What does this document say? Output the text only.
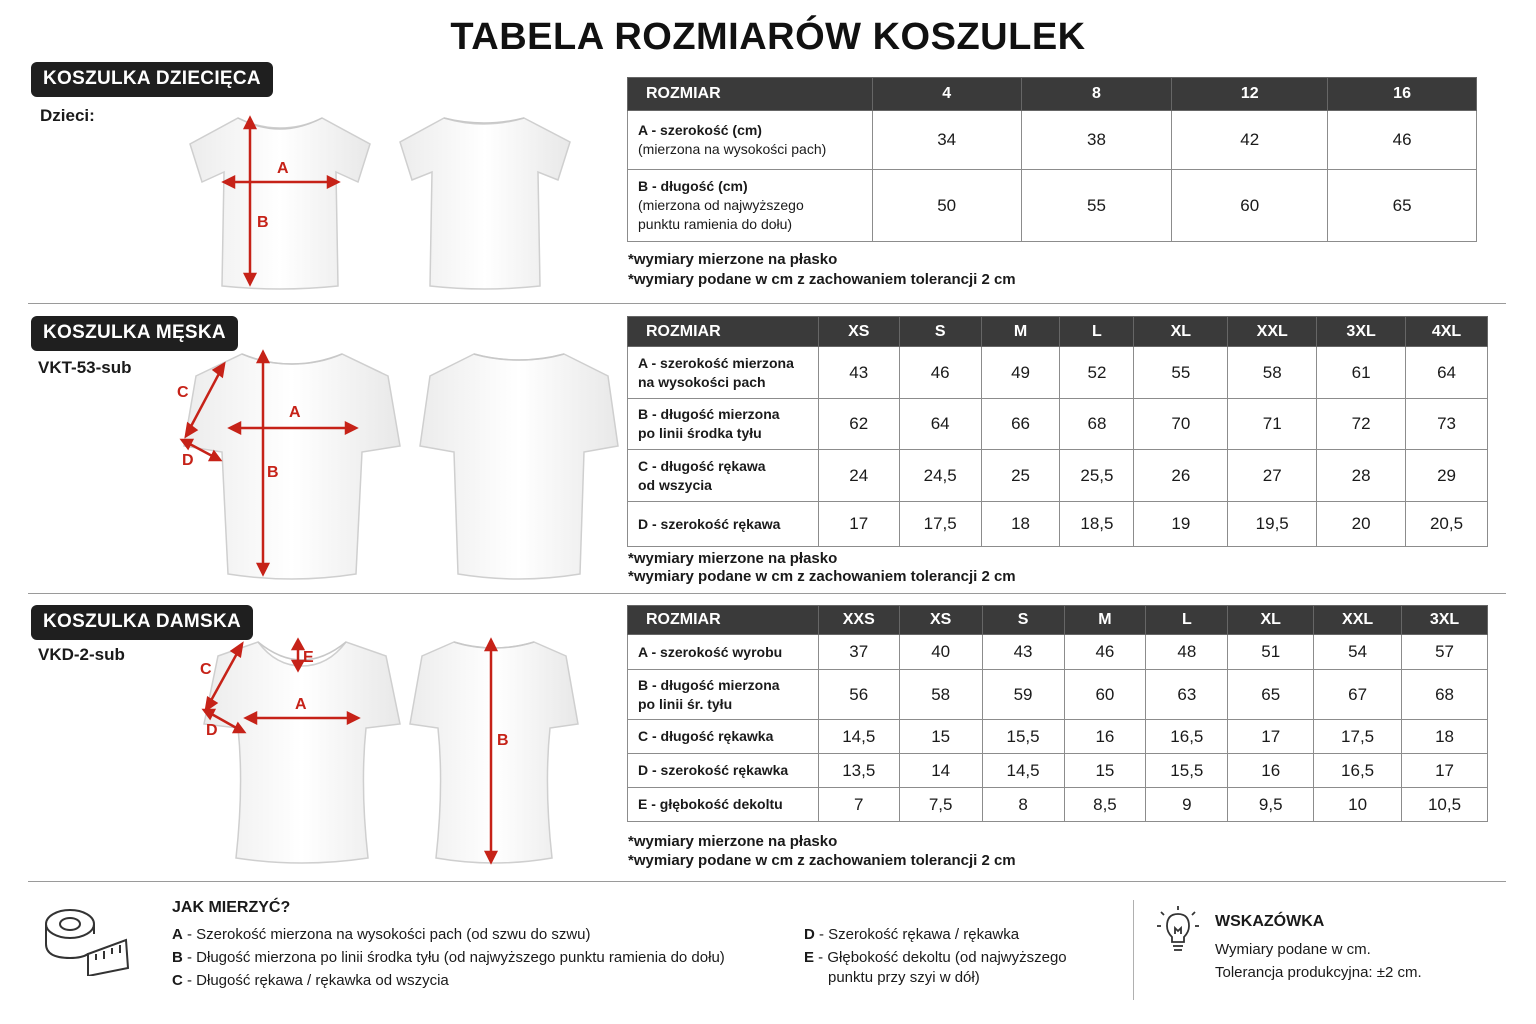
TABELA ROZMIARÓW KOSZULEK
KOSZULKA DZIECIĘCA
Dzieci:
A
B
ROZMIAR	4	8	12	16

A - szerokość (cm)
(mierzona na wysokości pach)	34	38	42	46

B - długość (cm)
(mierzona od najwyższego
punktu ramienia do dołu)	50	55	60	65
*wymiary mierzone na płasko
*wymiary podane w cm z zachowaniem tolerancji 2 cm
KOSZULKA MĘSKA
VKT-53-sub
A
B
C
D
ROZMIAR	XS	S	M	L	XL	XXL	3XL	4XL

A - szerokość mierzona
na wysokości pach	43	46	49	52	55	58	61	64

B - długość mierzona
po linii środka tyłu	62	64	66	68	70	71	72	73

C - długość rękawa
od wszycia	24	24,5	25	25,5	26	27	28	29

D - szerokość rękawa	17	17,5	18	18,5	19	19,5	20	20,5
*wymiary mierzone na płasko
*wymiary podane w cm z zachowaniem tolerancji 2 cm
KOSZULKA DAMSKA
VKD-2-sub
A
E
C
D
B
ROZMIAR	XXS	XS	S	M	L	XL	XXL	3XL

A - szerokość wyrobu	37	40	43	46	48	51	54	57

B - długość mierzona
po linii śr. tyłu	56	58	59	60	63	65	67	68

C - długość rękawka	14,5	15	15,5	16	16,5	17	17,5	18

D - szerokość rękawka	13,5	14	14,5	15	15,5	16	16,5	17

E - głębokość dekoltu	7	7,5	8	8,5	9	9,5	10	10,5
*wymiary mierzone na płasko
*wymiary podane w cm z zachowaniem tolerancji 2 cm
JAK MIERZYĆ?
A - Szerokość mierzona na wysokości pach (od szwu do szwu)
B - Długość mierzona po linii środka tyłu (od najwyższego punktu ramienia do dołu)
C - Długość rękawa / rękawka od wszycia
D - Szerokość rękawa / rękawka
E - Głębokość dekoltu (od najwyższego
punktu przy szyi w dół)
WSKAZÓWKA
Wymiary podane w cm.
Tolerancja produkcyjna: ±2 cm.
